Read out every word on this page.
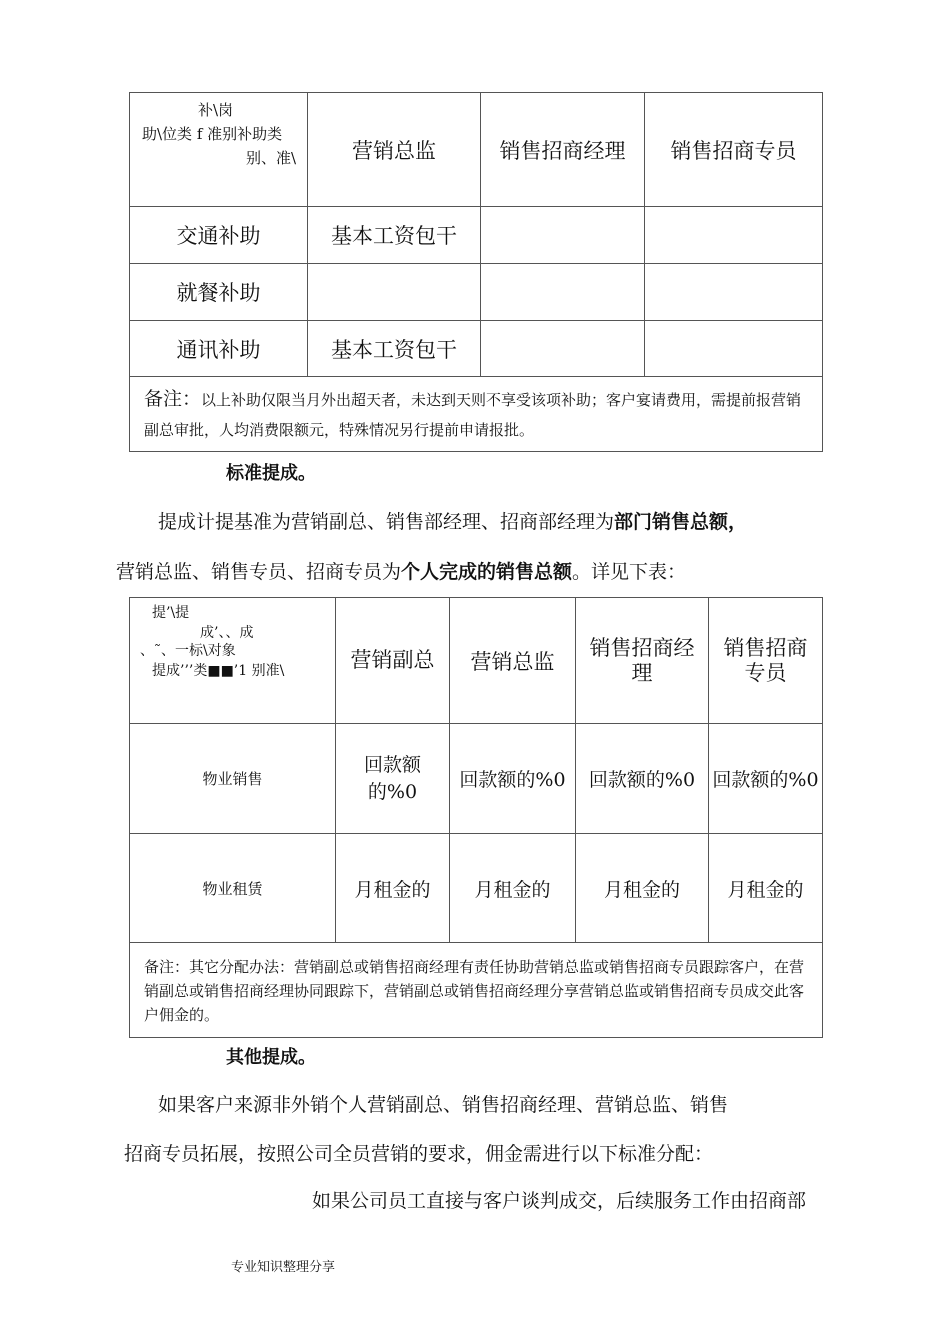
补\岗
助\位类 f 准别补助类
别、准\	营销总监	销售招商经理	销售招商专员
交通补助	基本工资包干		
就餐补助			
通讯补助	基本工资包干		
备注：以上补助仅限当月外出超天者，未达到天则不享受该项补助；客户宴请费用，需提前报营销副总审批，人均消费限额元，特殊情况另行提前申请报批。			
标准提成。
提成计提基准为营销副总、销售部经理、招商部经理为部门销售总额，
营销总监、销售专员、招商专员为个人完成的销售总额。详见下表：
提’\提
成’、、成
、˜、一标\对象
提成’’’类■■’1 别准\	营销副总	营销总监	销售招商经理	销售招商专员
物业销售	回款额的%0	回款额的%0	回款额的%0	回款额的%0
物业租赁	月租金的	月租金的	月租金的	月租金的
备注：其它分配办法：营销副总或销售招商经理有责任协助营销总监或销售招商专员跟踪客户，在营销副总或销售招商经理协同跟踪下，营销副总或销售招商经理分享营销总监或销售招商专员成交此客户佣金的。				
其他提成。
如果客户来源非外销个人营销副总、销售招商经理、营销总监、销售
招商专员拓展，按照公司全员营销的要求，佣金需进行以下标准分配：
如果公司员工直接与客户谈判成交，后续服务工作由招商部
专业知识整理分享
